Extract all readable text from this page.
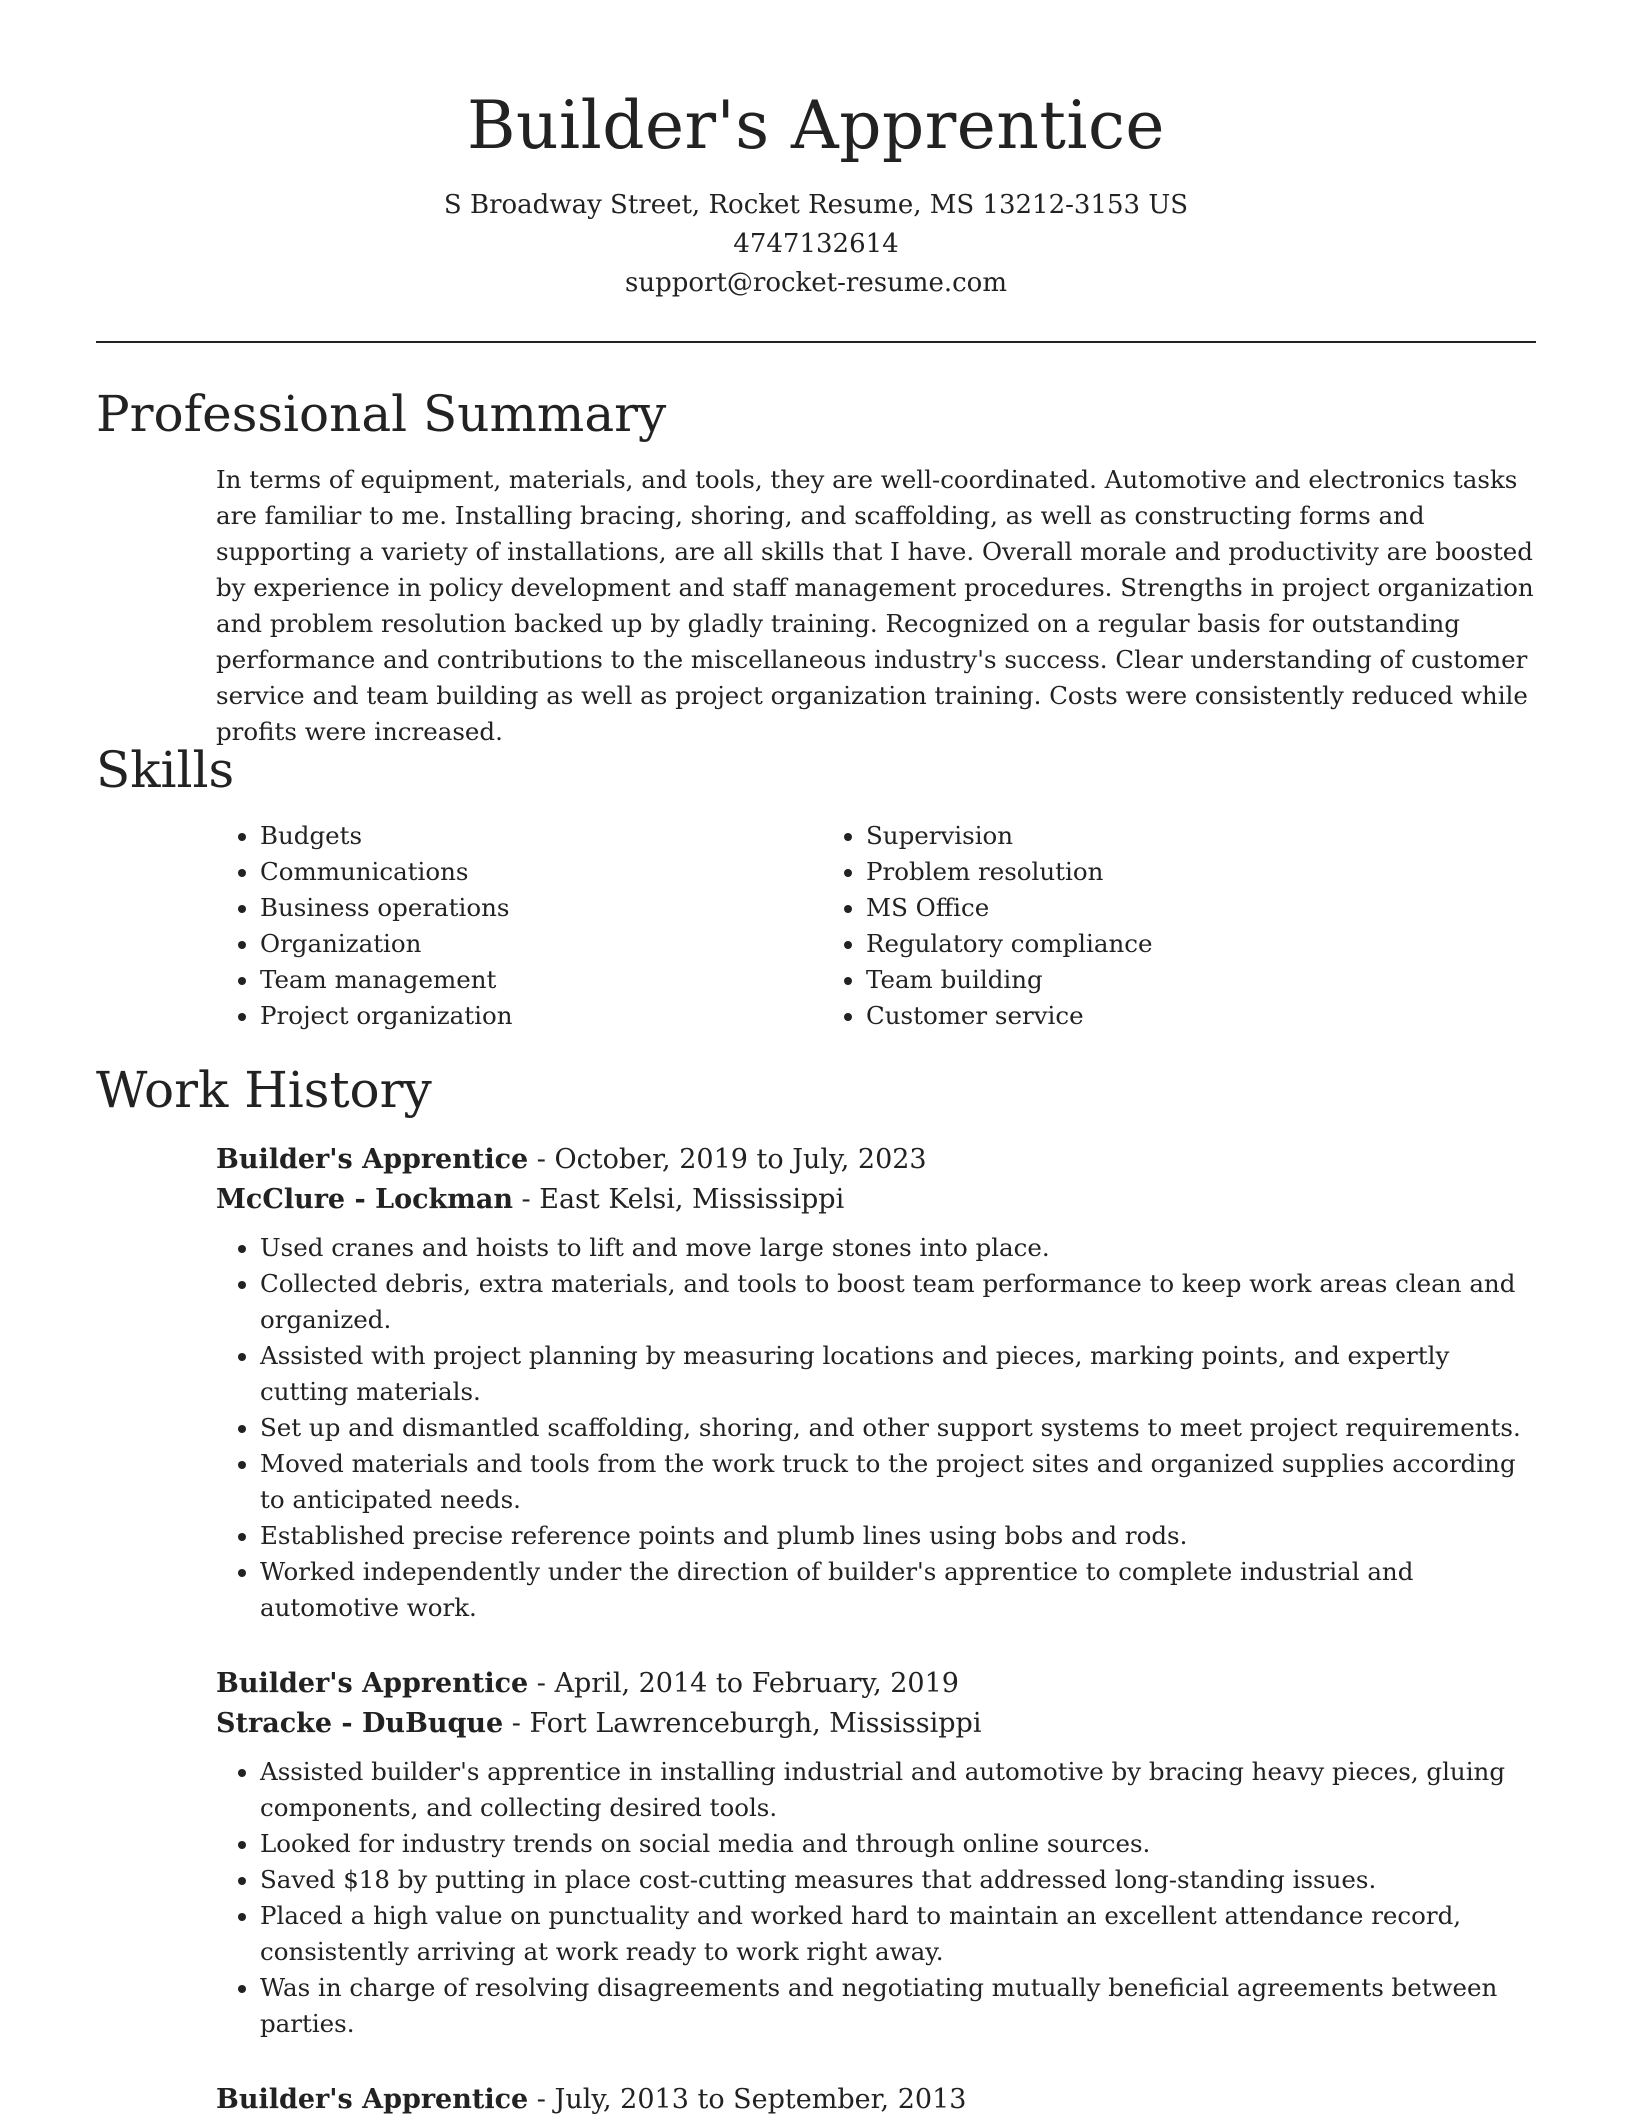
Builder's Apprentice
S Broadway Street, Rocket Resume, MS 13212-3153 US
4747132614
support@rocket-resume.com
Professional Summary

In terms of equipment, materials, and tools, they are well-coordinated. Automotive and electronics tasks are familiar to me. Installing bracing, shoring, and scaffolding, as well as constructing forms and supporting a variety of installations, are all skills that I have. Overall morale and productivity are boosted by experience in policy development and staff management procedures. Strengths in project organization and problem resolution backed up by gladly training. Recognized on a regular basis for outstanding performance and contributions to the miscellaneous industry's success. Clear understanding of customer service and team building as well as project organization training. Costs were consistently reduced while profits were increased.

Skills
• Budgets
• Communications
• Business operations
• Organization
• Team management
• Project organization
• Supervision
• Problem resolution
• MS Office
• Regulatory compliance
• Team building
• Customer service
Work History

Builder's Apprentice - October, 2019 to July, 2023

McClure - Lockman - East Kelsi, Mississippi

• Used cranes and hoists to lift and move large stones into place.
• Collected debris, extra materials, and tools to boost team performance to keep work areas clean and organized.
• Assisted with project planning by measuring locations and pieces, marking points, and expertly cutting materials.
• Set up and dismantled scaffolding, shoring, and other support systems to meet project requirements.
• Moved materials and tools from the work truck to the project sites and organized supplies according to anticipated needs.
• Established precise reference points and plumb lines using bobs and rods.
• Worked independently under the direction of builder's apprentice to complete industrial and automotive work.

Builder's Apprentice - April, 2014 to February, 2019

Stracke - DuBuque - Fort Lawrenceburgh, Mississippi

• Assisted builder's apprentice in installing industrial and automotive by bracing heavy pieces, gluing components, and collecting desired tools.
• Looked for industry trends on social media and through online sources.
• Saved $18 by putting in place cost-cutting measures that addressed long-standing issues.
• Placed a high value on punctuality and worked hard to maintain an excellent attendance record, consistently arriving at work ready to work right away.
• Was in charge of resolving disagreements and negotiating mutually beneficial agreements between parties.

Builder's Apprentice - July, 2013 to September, 2013
